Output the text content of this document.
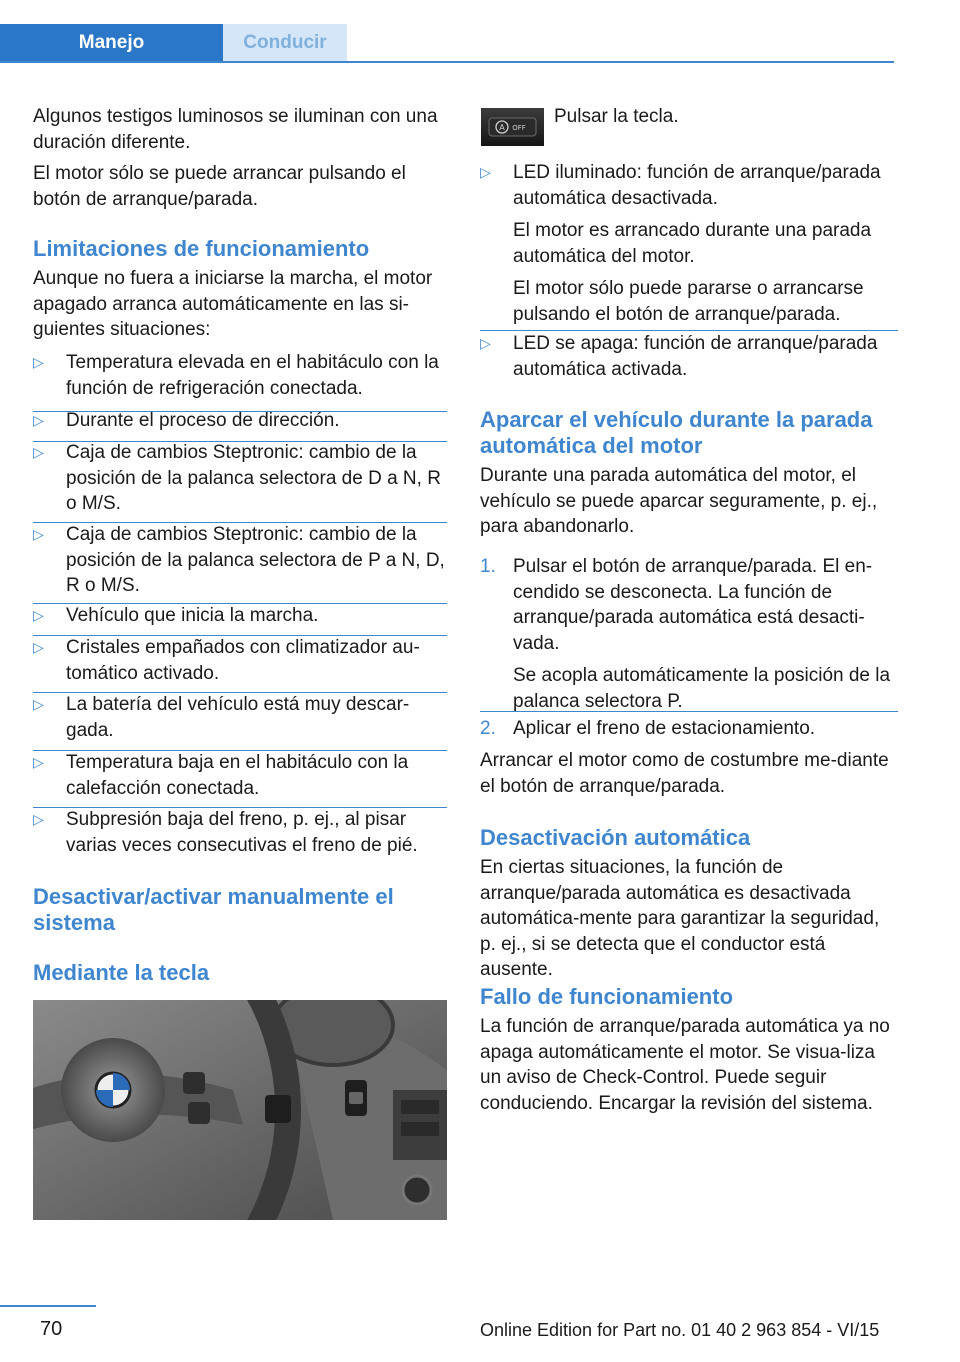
Manejo	Conducir

Algunos testigos luminosos se iluminan con una duración diferente.

El motor sólo se puede arrancar pulsando el botón de arranque/parada.

Limitaciones de funcionamiento

Aunque no fuera a iniciarse la marcha, el motor apagado arranca automáticamente en las si‐guientes situaciones:

▷	Temperatura elevada en el habitáculo con la función de refrigeración conectada.
▷	Durante el proceso de dirección.
▷	Caja de cambios Steptronic: cambio de la posición de la palanca selectora de D a N, R o M/S.
▷	Caja de cambios Steptronic: cambio de la posición de la palanca selectora de P a N, D, R o M/S.
▷	Vehículo que inicia la marcha.
▷	Cristales empañados con climatizador au‐tomático activado.
▷	La batería del vehículo está muy descar‐gada.
▷	Temperatura baja en el habitáculo con la calefacción conectada.
▷	Subpresión baja del freno, p. ej., al pisar varias veces consecutivas el freno de pié.
Desactivar/activar manualmente el sistema
Mediante la tecla

Pulsar la tecla.

▷	LED iluminado: función de arranque/parada automática desactivada.
El motor es arrancado durante una parada automática del motor.
El motor sólo puede pararse o arrancarse pulsando el botón de arranque/parada.
▷	LED se apaga: función de arranque/parada automática activada.
Aparcar el vehículo durante la parada automática del motor

Durante una parada automática del motor, el vehículo se puede aparcar seguramente, p. ej., para abandonarlo.

1. Pulsar el botón de arranque/parada. El en‐cendido se desconecta. La función de arranque/parada automática está desacti‐vada.
Se acopla automáticamente la posición de la palanca selectora P.
2. Aplicar el freno de estacionamiento.

Arrancar el motor como de costumbre me‐diante el botón de arranque/parada.

Desactivación automática

En ciertas situaciones, la función de arranque/parada automática es desactivada automática‐mente para garantizar la seguridad, p. ej., si se detecta que el conductor está ausente.

Fallo de funcionamiento

La función de arranque/parada automática ya no apaga automáticamente el motor. Se visua‐liza un aviso de Check-Control. Puede seguir conduciendo. Encargar la revisión del sistema.

A OFF
70	Online Edition for Part no. 01 40 2 963 854 - VI/15
